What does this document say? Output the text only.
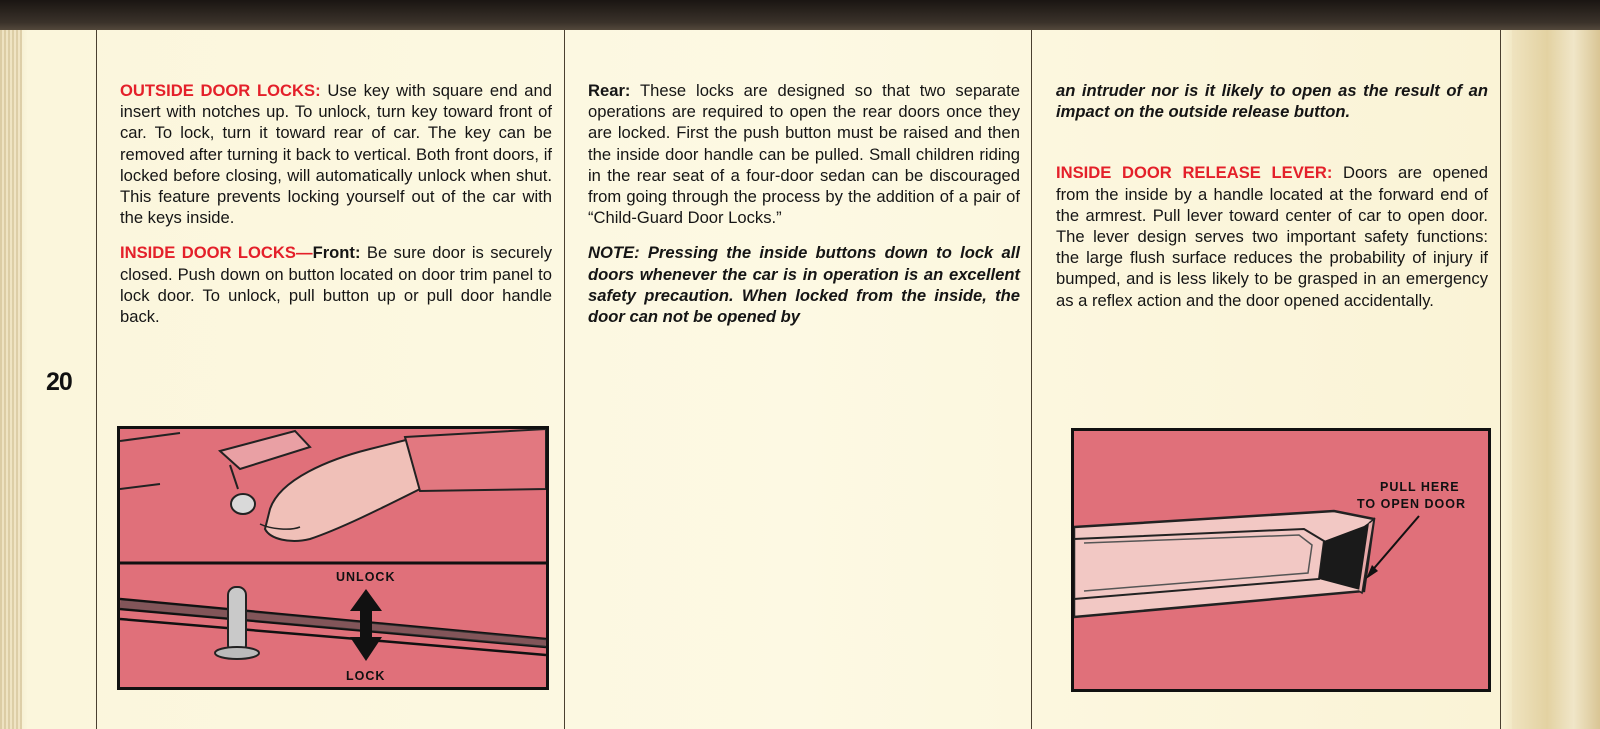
20

OUTSIDE DOOR LOCKS: Use key with square end and insert with notches up. To unlock, turn key toward front of car. To lock, turn it toward rear of car. The key can be removed after turning it back to vertical. Both front doors, if locked before closing, will automatically unlock when shut. This feature prevents locking yourself out of the car with the keys inside.

INSIDE DOOR LOCKS—Front: Be sure door is securely closed. Push down on button located on door trim panel to lock door. To unlock, pull button up or pull door handle back.

UNLOCK
LOCK

Rear: These locks are designed so that two separate operations are required to open the rear doors once they are locked. First the push button must be raised and then the inside door handle can be pulled. Small children riding in the rear seat of a four-door sedan can be discouraged from going through the process by the addition of a pair of “Child-Guard Door Locks.”

NOTE: Pressing the inside buttons down to lock all doors whenever the car is in operation is an excellent safety precaution. When locked from the inside, the door can not be opened by

an intruder nor is it likely to open as the result of an impact on the outside release button.

INSIDE DOOR RELEASE LEVER: Doors are opened from the inside by a handle located at the forward end of the armrest. Pull lever toward center of car to open door. The lever design serves two important safety functions: the large flush surface reduces the probability of injury if bumped, and is less likely to be grasped in an emergency as a reflex action and the door opened accidentally.

PULL HERE
TO OPEN DOOR
